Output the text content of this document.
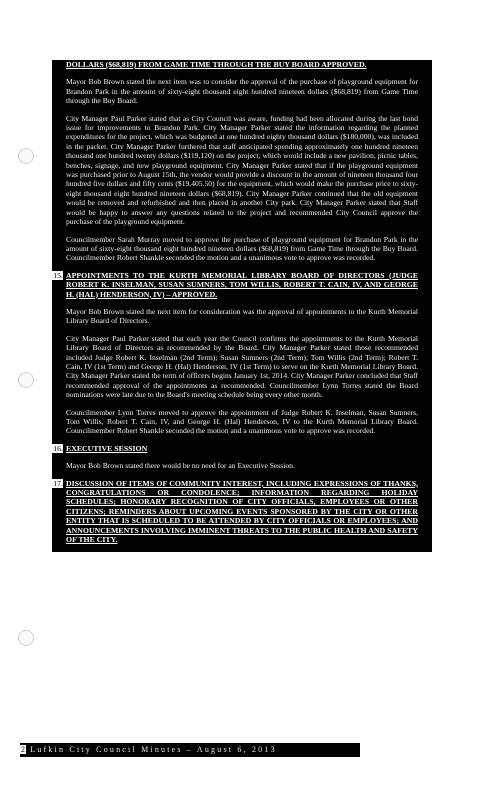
DOLLARS ($68,819) FROM GAME TIME THROUGH THE BUY BOARD APPROVED.

Mayor Bob Brown stated the next item was to consider the approval of the purchase of playground equipment for Brandon Park in the amount of sixty-eight thousand eight hundred nineteen dollars ($68,819) from Game Time through the Buy Board.

City Manager Paul Parker stated that as City Council was aware, funding had been allocated during the last bond issue for improvements to Brandon Park. City Manager Parker stated the information regarding the planned expenditures for the project, which was budgeted at one hundred eighty thousand dollars ($180,000), was included in the packet. City Manager Parker furthered that staff anticipated spending approximately one hundred nineteen thousand one hundred twenty dollars ($119,120) on the project, which would include a new pavilion, picnic tables, benches, signage, and new playground equipment. City Manager Parker stated that if the playground equipment was purchased prior to August 15th, the vendor would provide a discount in the amount of nineteen thousand four hundred five dollars and fifty cents ($19,405.50) for the equipment, which would make the purchase price to sixty-eight thousand eight hundred nineteen dollars ($68,819). City Manager Parker continued that the old equipment would be removed and refurbished and then placed in another City park. City Manager Parker stated that Staff would be happy to answer any questions related to the project and recommended City Council approve the purchase of the playground equipment.

Councilmember Sarah Murray moved to approve the purchase of playground equipment for Brandon Park in the amount of sixty-eight thousand eight hundred nineteen dollars ($68,819) from Game Time through the Buy Board. Councilmember Robert Shankle seconded the motion and a unanimous vote to approve was recorded.

15. APPOINTMENTS TO THE KURTH MEMORIAL LIBRARY BOARD OF DIRECTORS (JUDGE ROBERT K. INSELMAN, SUSAN SUMNERS, TOM WILLIS, ROBERT T. CAIN, IV, AND GEORGE H. (HAL) HENDERSON, IV) – APPROVED.

Mayor Bob Brown stated the next item for consideration was the approval of appointments to the Kurth Memorial Library Board of Directors.

City Manager Paul Parker stated that each year the Council confirms the appointments to the Kurth Memorial Library Board of Directors as recommended by the Board. City Manager Parker stated those recommended included Judge Robert K. Inselman (2nd Term); Susan Sumners (2nd Term); Tom Willis (2nd Term); Robert T. Cain, IV (1st Term) and George H. (Hal) Henderson, IV (1st Term) to serve on the Kurth Memorial Library Board. City Manager Parker stated the term of officers begins January 1st, 2014. City Manager Parker concluded that Staff recommended approval of the appointments as recommended. Councilmember Lynn Torres stated the Board nominations were late due to the Board's meeting schedule being every other month.

Councilmember Lynn Torres moved to approve the appointment of Judge Robert K. Inselman, Susan Sumners, Tom Willis, Robert T. Cain, IV, and George H. (Hal) Henderson, IV to the Kurth Memorial Library Board. Councilmember Robert Shankle seconded the motion and a unanimous vote to approve was recorded.

16. EXECUTIVE SESSION

Mayor Bob Brown stated there would be no need for an Executive Session.

17. DISCUSSION OF ITEMS OF COMMUNITY INTEREST, INCLUDING EXPRESSIONS OF THANKS, CONGRATULATIONS OR CONDOLENCE; INFORMATION REGARDING HOLIDAY SCHEDULES; HONORARY RECOGNITION OF CITY OFFICIALS, EMPLOYEES OR OTHER CITIZENS; REMINDERS ABOUT UPCOMING EVENTS SPONSORED BY THE CITY OR OTHER ENTITY THAT IS SCHEDULED TO BE ATTENDED BY CITY OFFICIALS OR EMPLOYEES; AND ANNOUNCEMENTS INVOLVING IMMINENT THREATS TO THE PUBLIC HEALTH AND SAFETY OF THE CITY.
2 Lufkin City Council Minutes – August 6, 2013
